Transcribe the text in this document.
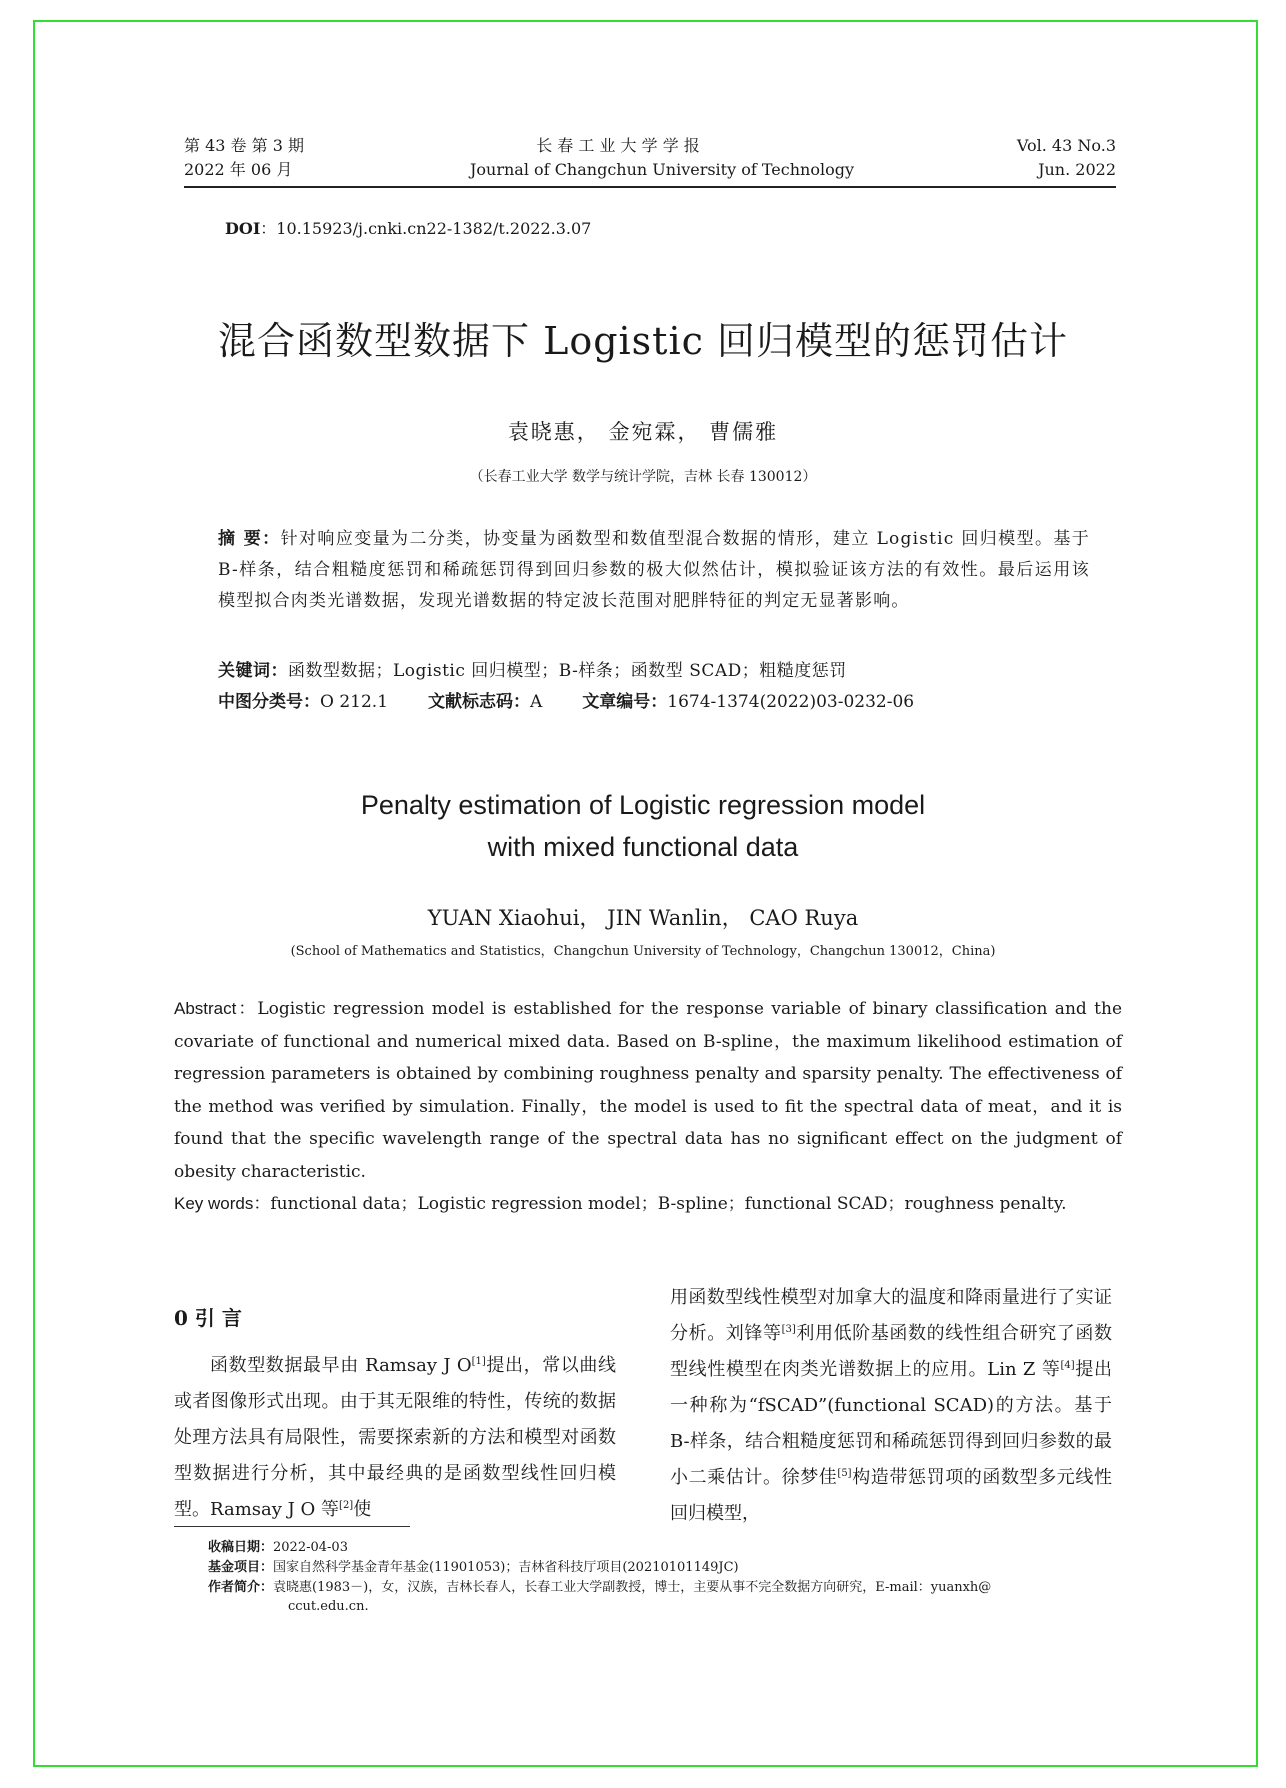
第 43 卷 第 3 期
2022 年 06 月
长 春 工 业 大 学 学 报
Journal of Changchun University of Technology
Vol. 43 No.3
Jun. 2022
DOI：10.15923/j.cnki.cn22-1382/t.2022.3.07
混合函数型数据下 Logistic 回归模型的惩罚估计
袁晓惠， 金宛霖， 曹儒雅
（长春工业大学 数学与统计学院，吉林 长春 130012）
摘 要：针对响应变量为二分类，协变量为函数型和数值型混合数据的情形，建立 Logistic 回归模型。基于 B-样条，结合粗糙度惩罚和稀疏惩罚得到回归参数的极大似然估计，模拟验证该方法的有效性。最后运用该模型拟合肉类光谱数据，发现光谱数据的特定波长范围对肥胖特征的判定无显著影响。
关键词：函数型数据；Logistic 回归模型；B-样条；函数型 SCAD；粗糙度惩罚
中图分类号：O 212.1 文献标志码：A 文章编号：1674-1374(2022)03-0232-06
Penalty estimation of Logistic regression model
with mixed functional data
YUAN Xiaohui， JIN Wanlin， CAO Ruya
(School of Mathematics and Statistics，Changchun University of Technology，Changchun 130012，China)
Abstract：Logistic regression model is established for the response variable of binary classification and the covariate of functional and numerical mixed data. Based on B-spline，the maximum likelihood estimation of regression parameters is obtained by combining roughness penalty and sparsity penalty. The effectiveness of the method was verified by simulation. Finally，the model is used to fit the spectral data of meat，and it is found that the specific wavelength range of the spectral data has no significant effect on the judgment of obesity characteristic.
Key words：functional data；Logistic regression model；B-spline；functional SCAD；roughness penalty.
0 引 言
函数型数据最早由 Ramsay J O[1]提出，常以曲线或者图像形式出现。由于其无限维的特性，传统的数据处理方法具有局限性，需要探索新的方法和模型对函数型数据进行分析，其中最经典的是函数型线性回归模型。Ramsay J O 等[2]使
用函数型线性模型对加拿大的温度和降雨量进行了实证分析。刘锋等[3]利用低阶基函数的线性组合研究了函数型线性模型在肉类光谱数据上的应用。Lin Z 等[4]提出一种称为“fSCAD”(functional SCAD)的方法。基于 B-样条，结合粗糙度惩罚和稀疏惩罚得到回归参数的最小二乘估计。徐梦佳[5]构造带惩罚项的函数型多元线性回归模型，
收稿日期：2022-04-03
基金项目：国家自然科学基金青年基金(11901053)；吉林省科技厅项目(20210101149JC)
作者简介：袁晓惠(1983－)，女，汉族，吉林长春人，长春工业大学副教授，博士，主要从事不完全数据方向研究，E-mail：yuanxh@
ccut.edu.cn.
